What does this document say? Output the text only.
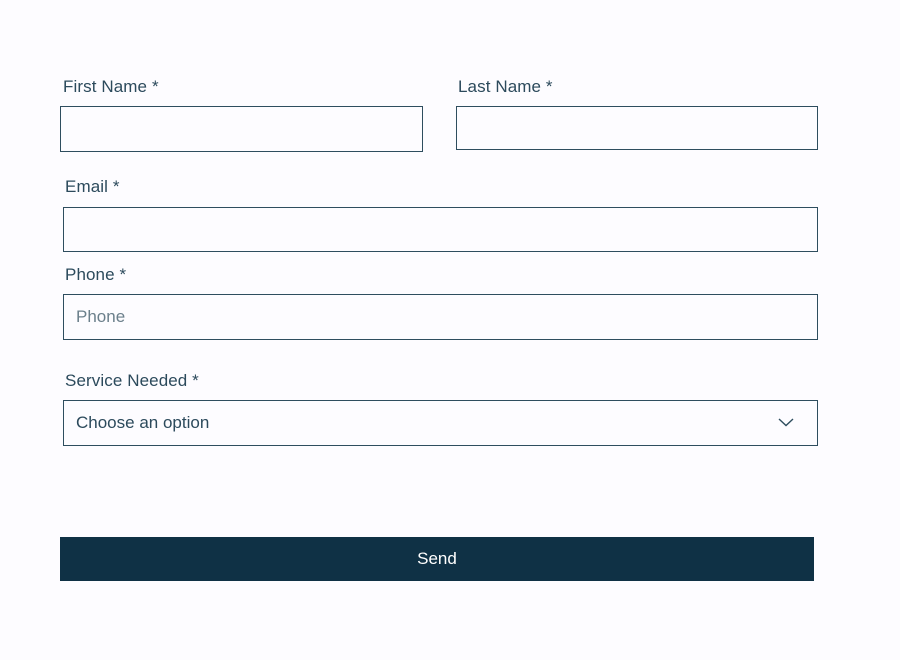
First Name *	Last Name *
Email *
Phone *
Phone
Service Needed *
Choose an option
Send
